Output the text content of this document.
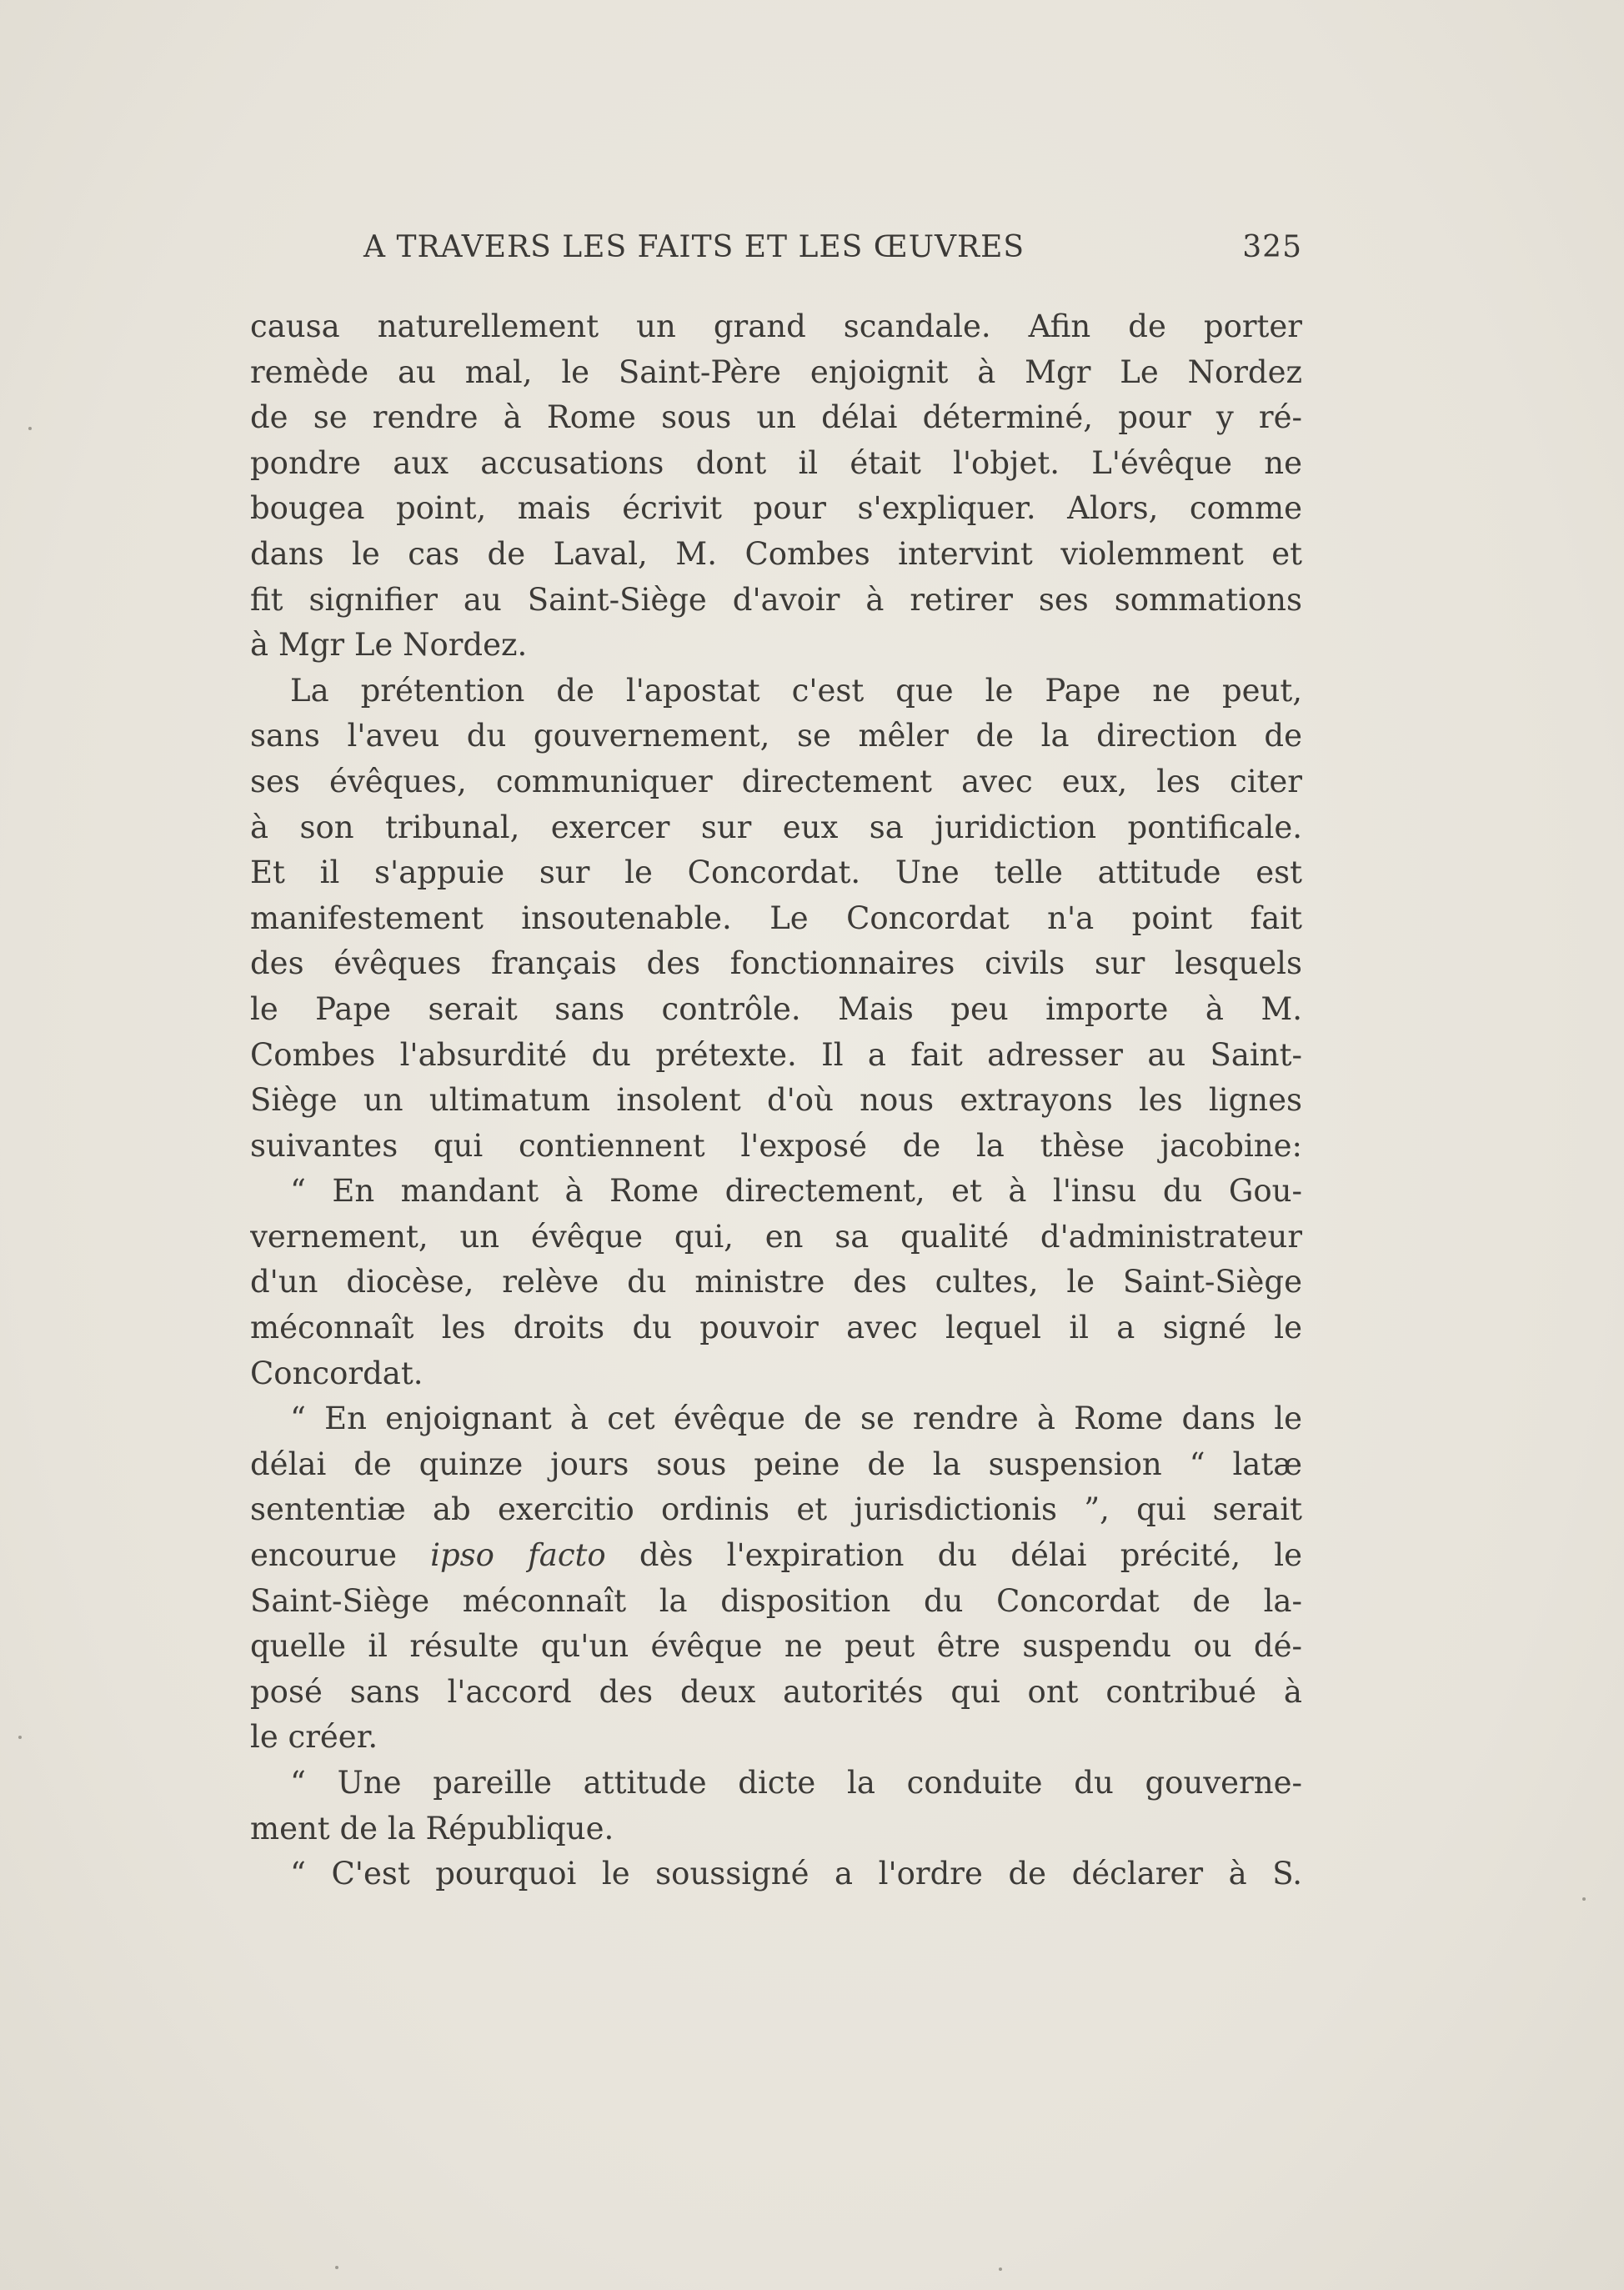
A TRAVERS LES FAITS ET LES ŒUVRES	325
causa naturellement un grand scandale. Afin de porter
remède au mal, le Saint-Père enjoignit à Mgr Le Nordez
de se rendre à Rome sous un délai déterminé, pour y ré-
pondre aux accusations dont il était l'objet. L'évêque ne
bougea point, mais écrivit pour s'expliquer. Alors, comme
dans le cas de Laval, M. Combes intervint violemment et
fit signifier au Saint-Siège d'avoir à retirer ses sommations
à Mgr Le Nordez.
La prétention de l'apostat c'est que le Pape ne peut,
sans l'aveu du gouvernement, se mêler de la direction de
ses évêques, communiquer directement avec eux, les citer
à son tribunal, exercer sur eux sa juridiction pontificale.
Et il s'appuie sur le Concordat. Une telle attitude est
manifestement insoutenable. Le Concordat n'a point fait
des évêques français des fonctionnaires civils sur lesquels
le Pape serait sans contrôle. Mais peu importe à M.
Combes l'absurdité du prétexte. Il a fait adresser au Saint-
Siège un ultimatum insolent d'où nous extrayons les lignes
suivantes qui contiennent l'exposé de la thèse jacobine:
“ En mandant à Rome directement, et à l'insu du Gou-
vernement, un évêque qui, en sa qualité d'administrateur
d'un diocèse, relève du ministre des cultes, le Saint-Siège
méconnaît les droits du pouvoir avec lequel il a signé le
Concordat.
“ En enjoignant à cet évêque de se rendre à Rome dans le
délai de quinze jours sous peine de la suspension “ latæ
sententiæ ab exercitio ordinis et jurisdictionis ”, qui serait
encourue ipso facto dès l'expiration du délai précité, le
Saint-Siège méconnaît la disposition du Concordat de la-
quelle il résulte qu'un évêque ne peut être suspendu ou dé-
posé sans l'accord des deux autorités qui ont contribué à
le créer.
“ Une pareille attitude dicte la conduite du gouverne-
ment de la République.
“ C'est pourquoi le soussigné a l'ordre de déclarer à S.
